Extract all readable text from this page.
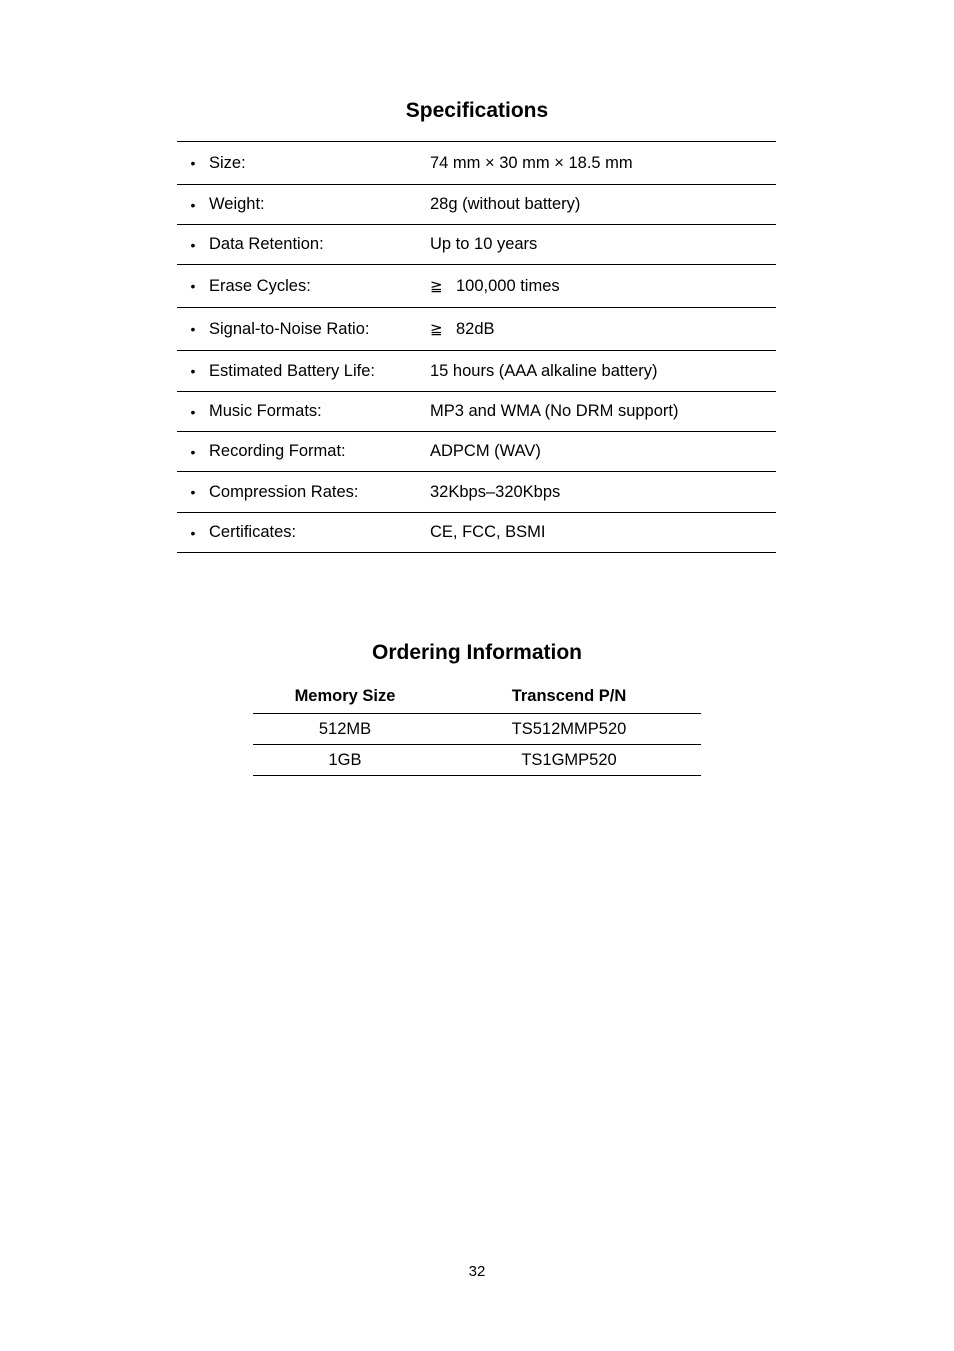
Specifications
•	Size:	74 mm × 30 mm × 18.5 mm
•	Weight:	28g (without battery)
•	Data Retention:	Up to 10 years
•	Erase Cycles:	≧ 100,000 times
•	Signal-to-Noise Ratio:	≧ 82dB
•	Estimated Battery Life:	15 hours (AAA alkaline battery)
•	Music Formats:	MP3 and WMA (No DRM support)
•	Recording Format:	ADPCM (WAV)
•	Compression Rates:	32Kbps–320Kbps
•	Certificates:	CE, FCC, BSMI
Ordering Information
Memory Size	Transcend P/N
512MB	TS512MMP520
1GB	TS1GMP520
32
